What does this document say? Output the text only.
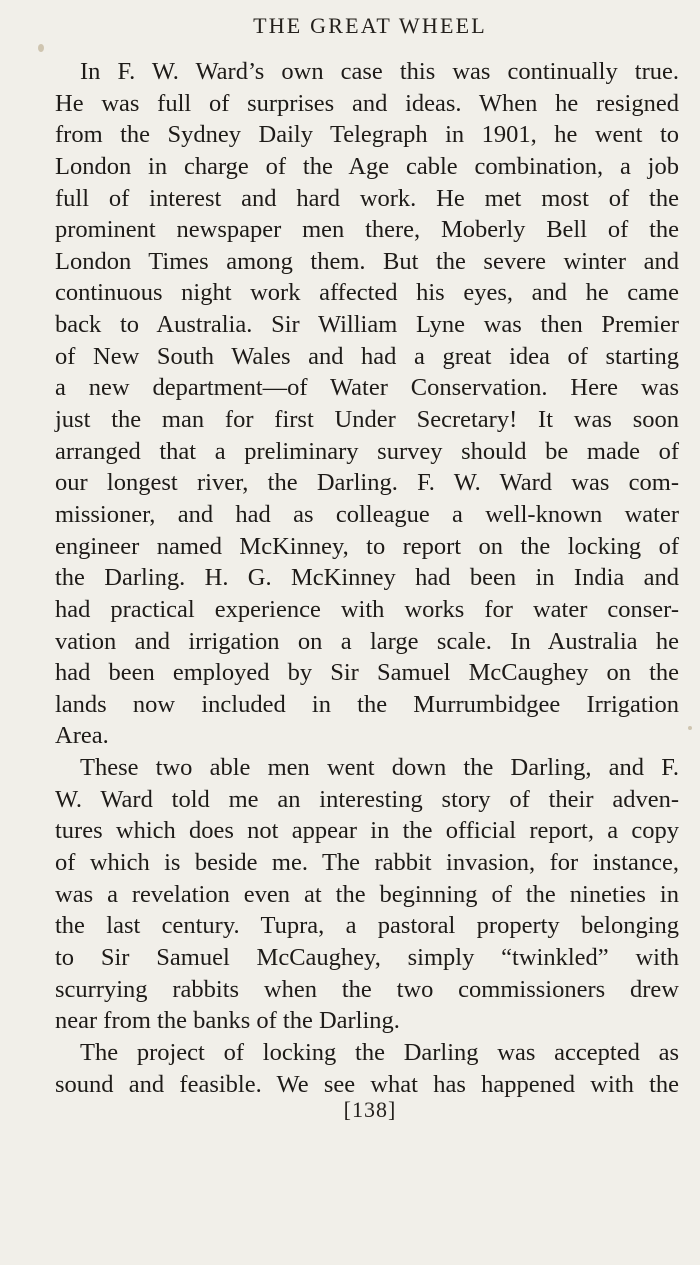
THE GREAT WHEEL
In F. W. Ward’s own case this was continually true.
He was full of surprises and ideas. When he resigned
from the Sydney Daily Telegraph in 1901, he went to
London in charge of the Age cable combination, a job
full of interest and hard work. He met most of the
prominent newspaper men there, Moberly Bell of the
London Times among them. But the severe winter and
continuous night work affected his eyes, and he came
back to Australia. Sir William Lyne was then Premier
of New South Wales and had a great idea of starting
a new department—of Water Conservation. Here was
just the man for first Under Secretary! It was soon
arranged that a preliminary survey should be made of
our longest river, the Darling. F. W. Ward was com-
missioner, and had as colleague a well-known water
engineer named McKinney, to report on the locking of
the Darling. H. G. McKinney had been in India and
had practical experience with works for water conser-
vation and irrigation on a large scale. In Australia he
had been employed by Sir Samuel McCaughey on the
lands now included in the Murrumbidgee Irrigation
Area.
These two able men went down the Darling, and F.
W. Ward told me an interesting story of their adven-
tures which does not appear in the official report, a copy
of which is beside me. The rabbit invasion, for instance,
was a revelation even at the beginning of the nineties in
the last century. Tupra, a pastoral property belonging
to Sir Samuel McCaughey, simply “twinkled” with
scurrying rabbits when the two commissioners drew
near from the banks of the Darling.
The project of locking the Darling was accepted as
sound and feasible. We see what has happened with the
[138]
